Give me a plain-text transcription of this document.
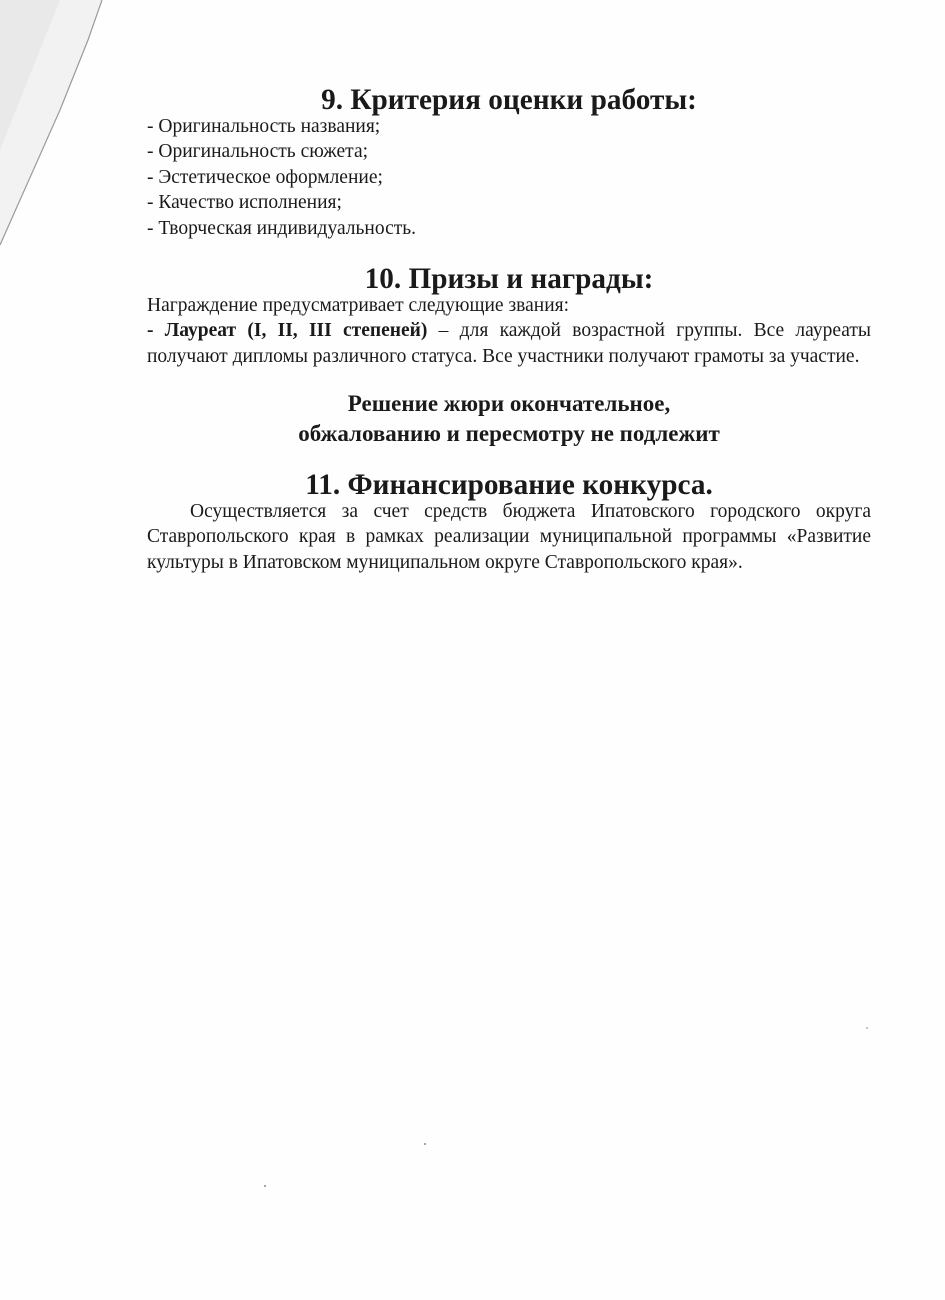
9. Критерия оценки работы:
- Оригинальность названия;
- Оригинальность сюжета;
- Эстетическое оформление;
- Качество исполнения;
- Творческая индивидуальность.
10. Призы и награды:

Награждение предусматривает следующие звания:

- Лауреат (I, II, III степеней) – для каждой возрастной группы. Все лауреаты получают дипломы различного статуса. Все участники получают грамоты за участие.

Решение жюри окончательное,

обжалованию и пересмотру не подлежит

11. Финансирование конкурса.

Осуществляется за счет средств бюджета Ипатовского городского округа Ставропольского края в рамках реализации муниципальной программы «Развитие культуры в Ипатовском муниципальном округе Ставропольского края».
